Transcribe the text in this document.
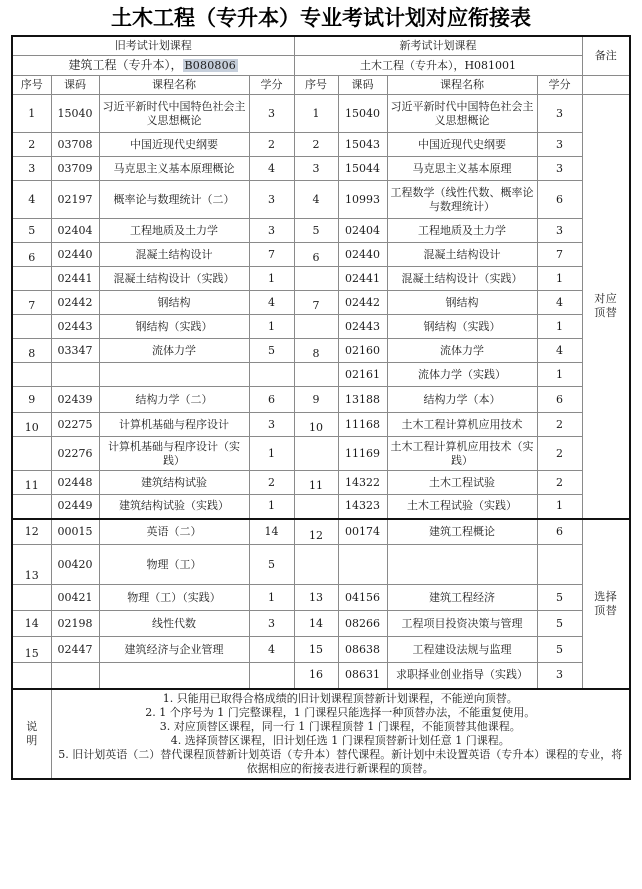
土木工程（专升本）专业考试计划对应衔接表
旧考试计划课程				新考试计划课程				备注
建筑工程（专升本）， B080806				土木工程（专升本），H081001				
序号	课码	课程名称	学分	序号	课码	课程名称	学分	
1	15040	习近平新时代中国特色社会主义思想概论	3	1	15040	习近平新时代中国特色社会主义思想概论	3	对应
顶替

2	03708	中国近现代史纲要	2	2	15043	中国近现代史纲要	3	
3	03709	马克思主义基本原理概论	4	3	15044	马克思主义基本原理	3	
4	02197	概率论与数理统计（二）	3	4	10993	工程数学（线性代数、概率论与数理统计）	6	
5	02404	工程地质及土力学	3	5	02404	工程地质及土力学	3	
6	02440	混凝土结构设计	7	6	02440	混凝土结构设计	7	
	02441	混凝土结构设计（实践）	1		02441	混凝土结构设计（实践）	1	
7	02442	钢结构	4	7	02442	钢结构	4	
	02443	钢结构（实践）	1		02443	钢结构（实践）	1	
8	03347	流体力学	5	8	02160	流体力学	4	
					02161	流体力学（实践）	1	
9	02439	结构力学（二）	6	9	13188	结构力学（本）	6	
10	02275	计算机基础与程序设计	3	10	11168	土木工程计算机应用技术	2	
	02276	计算机基础与程序设计（实践）	1		11169	土木工程计算机应用技术（实践）	2	
11	02448	建筑结构试验	2	11	14322	土木工程试验	2	
	02449	建筑结构试验（实践）	1		14323	土木工程试验（实践）	1	
12	00015	英语（二）	14	12	00174	建筑工程概论	6	选择
顶替

13	00420	物理（工）	5					
	00421	物理（工）（实践）	1	13	04156	建筑工程经济	5	
14	02198	线性代数	3	14	08266	工程项目投资决策与管理	5	
15	02447	建筑经济与企业管理	4	15	08638	工程建设法规与监理	5	
				16	08631	求职择业创业指导（实践）	3	

说
明

1. 只能用已取得合格成绩的旧计划课程顶替新计划课程，不能逆向顶替。

2. 1 个序号为 1 门完整课程，1 门课程只能选择一种顶替办法，不能重复使用。

3. 对应顶替区课程，同一行 1 门课程顶替 1 门课程，不能顶替其他课程。

4. 选择顶替区课程，旧计划任选 1 门课程顶替新计划任意 1 门课程。

5. 旧计划英语（二）替代课程顶替新计划英语（专升本）替代课程。新计划中未设置英语（专升本）课程的专业，将依据相应的衔接表进行新课程的顶替。
